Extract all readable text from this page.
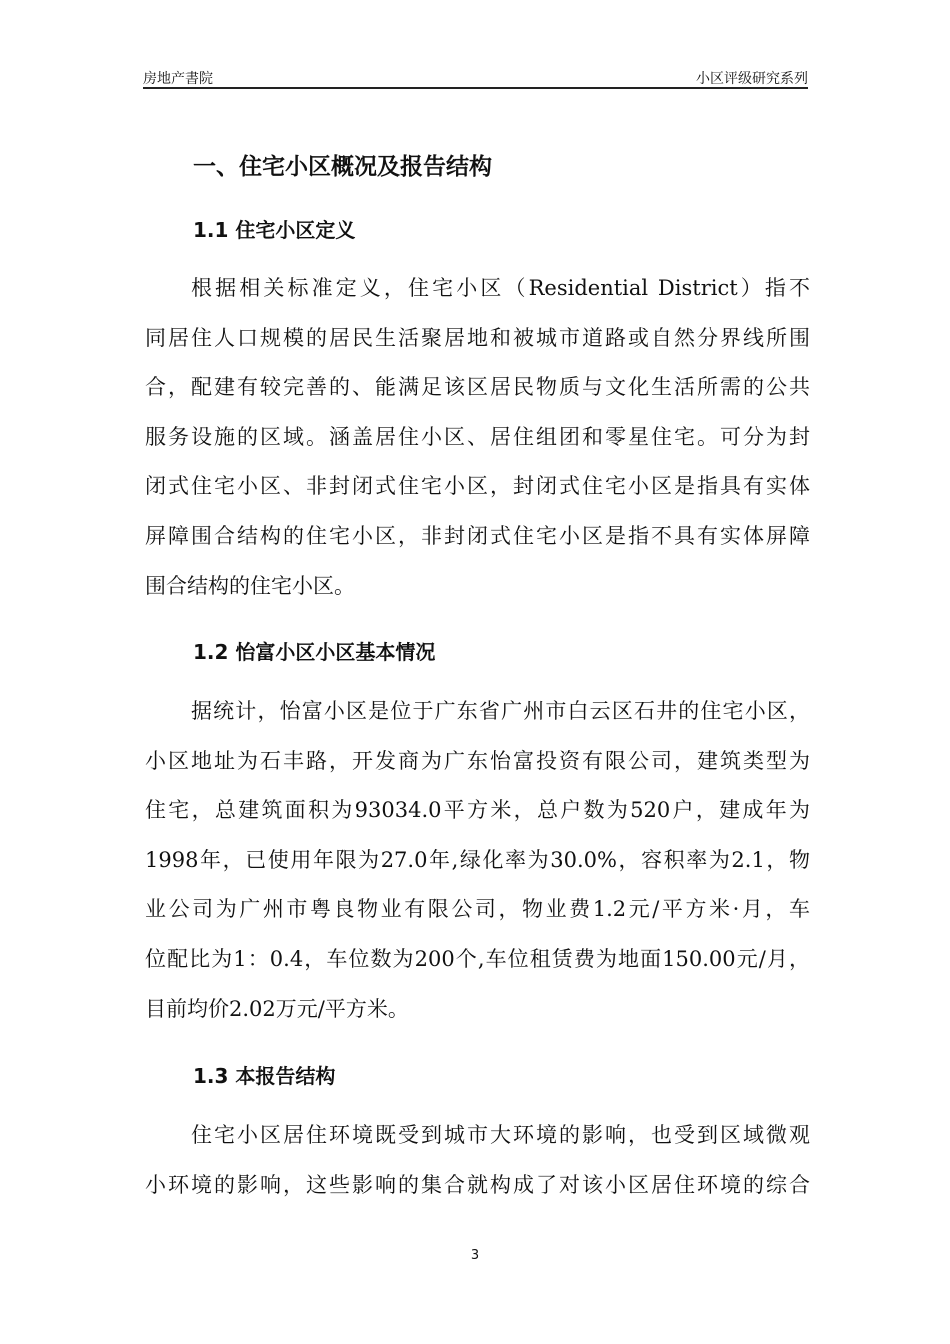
房地产書院	小区评级研究系列
一、住宅小区概况及报告结构
1.1 住宅小区定义
根据相关标准定义，住宅小区（Residential District）指不
同居住人口规模的居民生活聚居地和被城市道路或自然分界线所围
合，配建有较完善的、能满足该区居民物质与文化生活所需的公共
服务设施的区域。涵盖居住小区、居住组团和零星住宅。可分为封
闭式住宅小区、非封闭式住宅小区，封闭式住宅小区是指具有实体
屏障围合结构的住宅小区，非封闭式住宅小区是指不具有实体屏障
围合结构的住宅小区。
1.2 怡富小区小区基本情况
据统计，怡富小区是位于广东省广州市白云区石井的住宅小区，
小区地址为石丰路，开发商为广东怡富投资有限公司，建筑类型为
住宅，总建筑面积为93034.0平方米，总户数为520户，建成年为
1998年，已使用年限为27.0年,绿化率为30.0%，容积率为2.1，物
业公司为广州市粤良物业有限公司，物业费1.2元/平方米·月，车
位配比为1：0.4，车位数为200个,车位租赁费为地面150.00元/月，
目前均价2.02万元/平方米。
1.3 本报告结构
住宅小区居住环境既受到城市大环境的影响，也受到区域微观
小环境的影响，这些影响的集合就构成了对该小区居住环境的综合
3
